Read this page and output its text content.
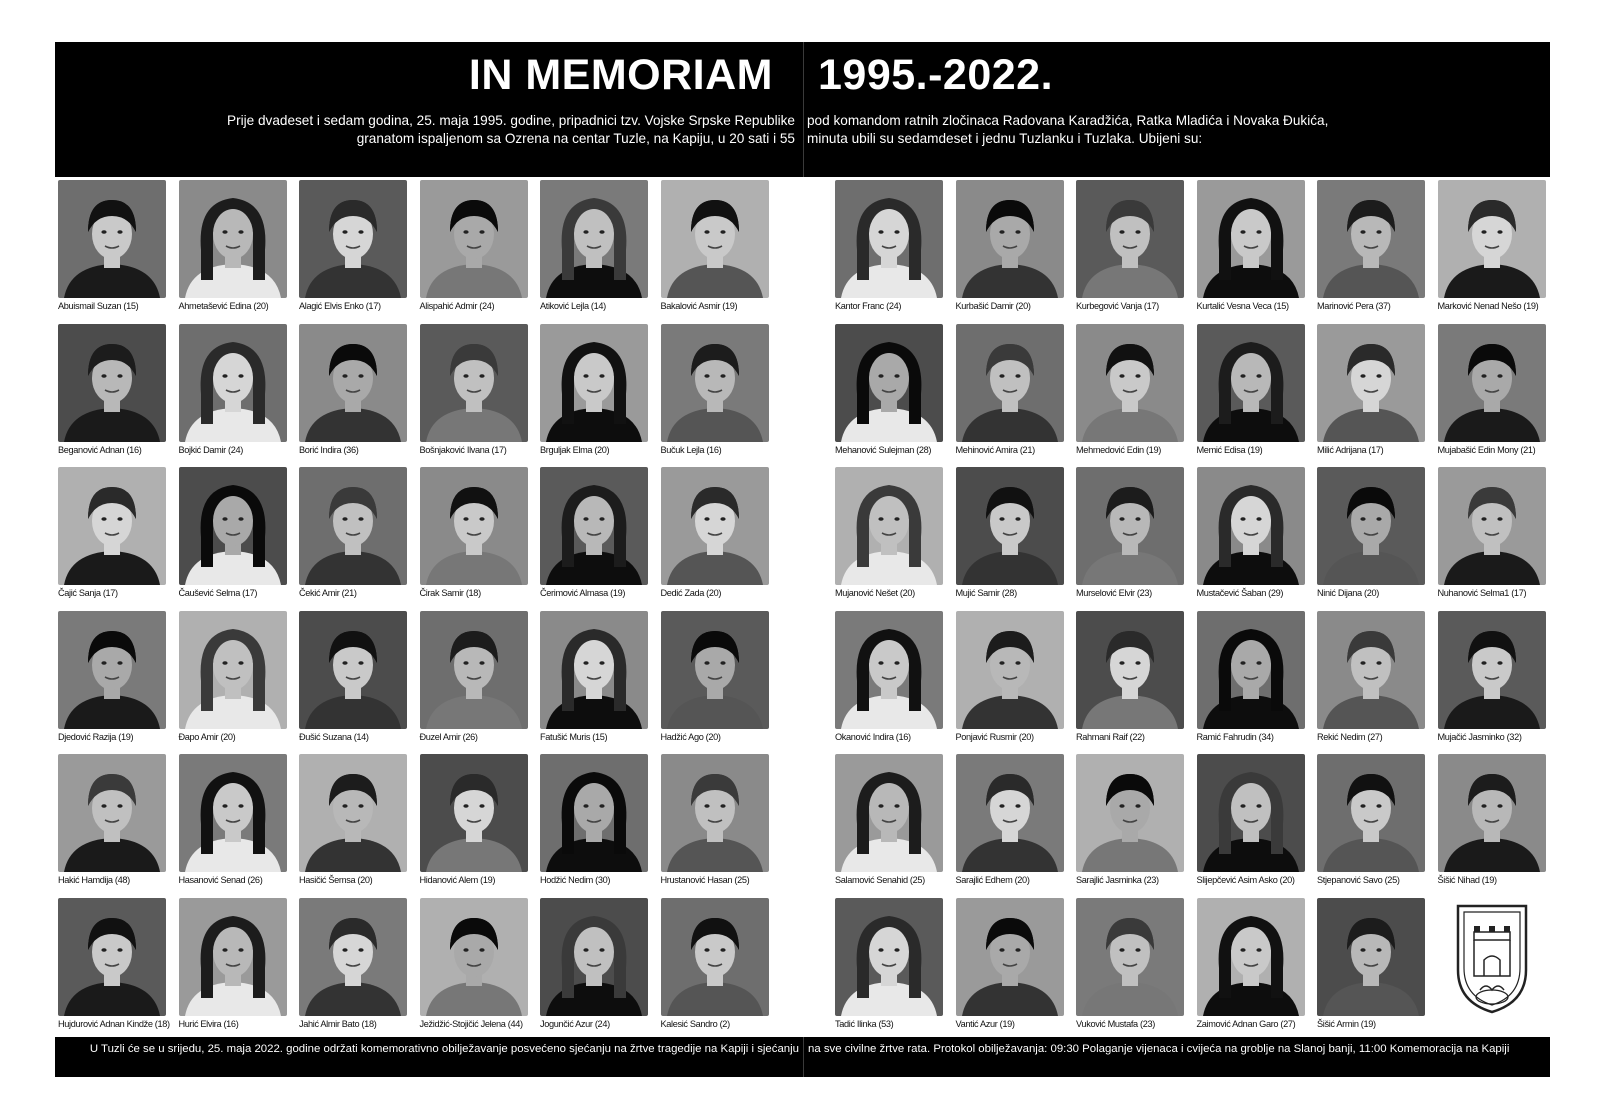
IN MEMORIAM
Prije dvadeset i sedam godina, 25. maja 1995. godine, pripadnici tzv. Vojske Srpske Republike
granatom ispaljenom sa Ozrena na centar Tuzle, na Kapiju, u 20 sati i 55
Abuismail Suzan (15)	Ahmetašević Edina (20)	Alagić Elvis Enko (17)	Alispahić Admir (24)	Atiković Lejla (14)	Bakalović Asmir (19)
Beganović Adnan (16)	Bojkić Damir (24)	Borić Indira (36)	Bošnjaković Ilvana (17)	Brguljak Elma (20)	Bučuk Lejla (16)
Čajić Sanja (17)	Čaušević Selma (17)	Čekić Amir (21)	Čirak Samir (18)	Čerimović Almasa (19)	Dedić Zada (20)
Djedović Razija (19)	Đapo Amir (20)	Đušić Suzana (14)	Đuzel Amir (26)	Fatušić Muris (15)	Hadžić Ago (20)
Hakić Hamdija (48)	Hasanović Senad (26)	Hasičić Šemsa (20)	Hidanović Alem (19)	Hodžić Nedim (30)	Hrustanović Hasan (25)
Hujdurović Adnan Kindže (18) Hurić Elvira (16)	Jahić Almir Bato (18)	Ježidžić-Stojičić Jelena (44)	Jogunčić Azur (24)	Kalesić Sandro (2)
U Tuzli će se u srijedu, 25. maja 2022. godine održati komemorativno obilježavanje posvećeno sjećanju na žrtve tragedije na Kapiji i sjećanju
1995.-2022.
pod komandom ratnih zločinaca Radovana Karadžića, Ratka Mladića i Novaka Đukića,
minuta ubili su sedamdeset i jednu Tuzlanku i Tuzlaka. Ubijeni su:
Kantor Franc (24)	Kurbašić Damir (20)	Kurbegović Vanja (17)	Kurtalić Vesna Veca (15)	Marinović Pera (37)	Marković Nenad Nešo (19)
Mehanović Sulejman (28)	Mehinović Amira (21)	Mehmedović Edin (19)	Memić Edisa (19)	Milić Adrijana (17)	Mujabašić Edin Mony (21)
Mujanović Nešet (20)	Mujić Samir (28)	Murselović Elvir (23)	Mustačević Šaban (29)	Ninić Dijana (20)	Nuhanović Selma1 (17)
Okanović Indira (16)	Ponjavić Rusmir (20)	Rahmani Raif (22)	Ramić Fahrudin (34)	Rekić Nedim (27)	Mujačić Jasminko (32)
Salamović Senahid (25)	Sarajlić Edhem (20)	Sarajlić Jasminka (23)	Slijepčević Asim Asko (20)	Stjepanović Savo (25)	Šišić Nihad (19)
Tadić Ilinka (53)	Vantić Azur (19)	Vuković Mustafa (23)	Zaimović Adnan Garo (27)	Šišić Armin (19)
na sve civilne žrtve rata. Protokol obilježavanja: 09:30 Polaganje vijenaca i cvijeća na groblje na Slanoj banji, 11:00 Komemoracija na Kapiji
